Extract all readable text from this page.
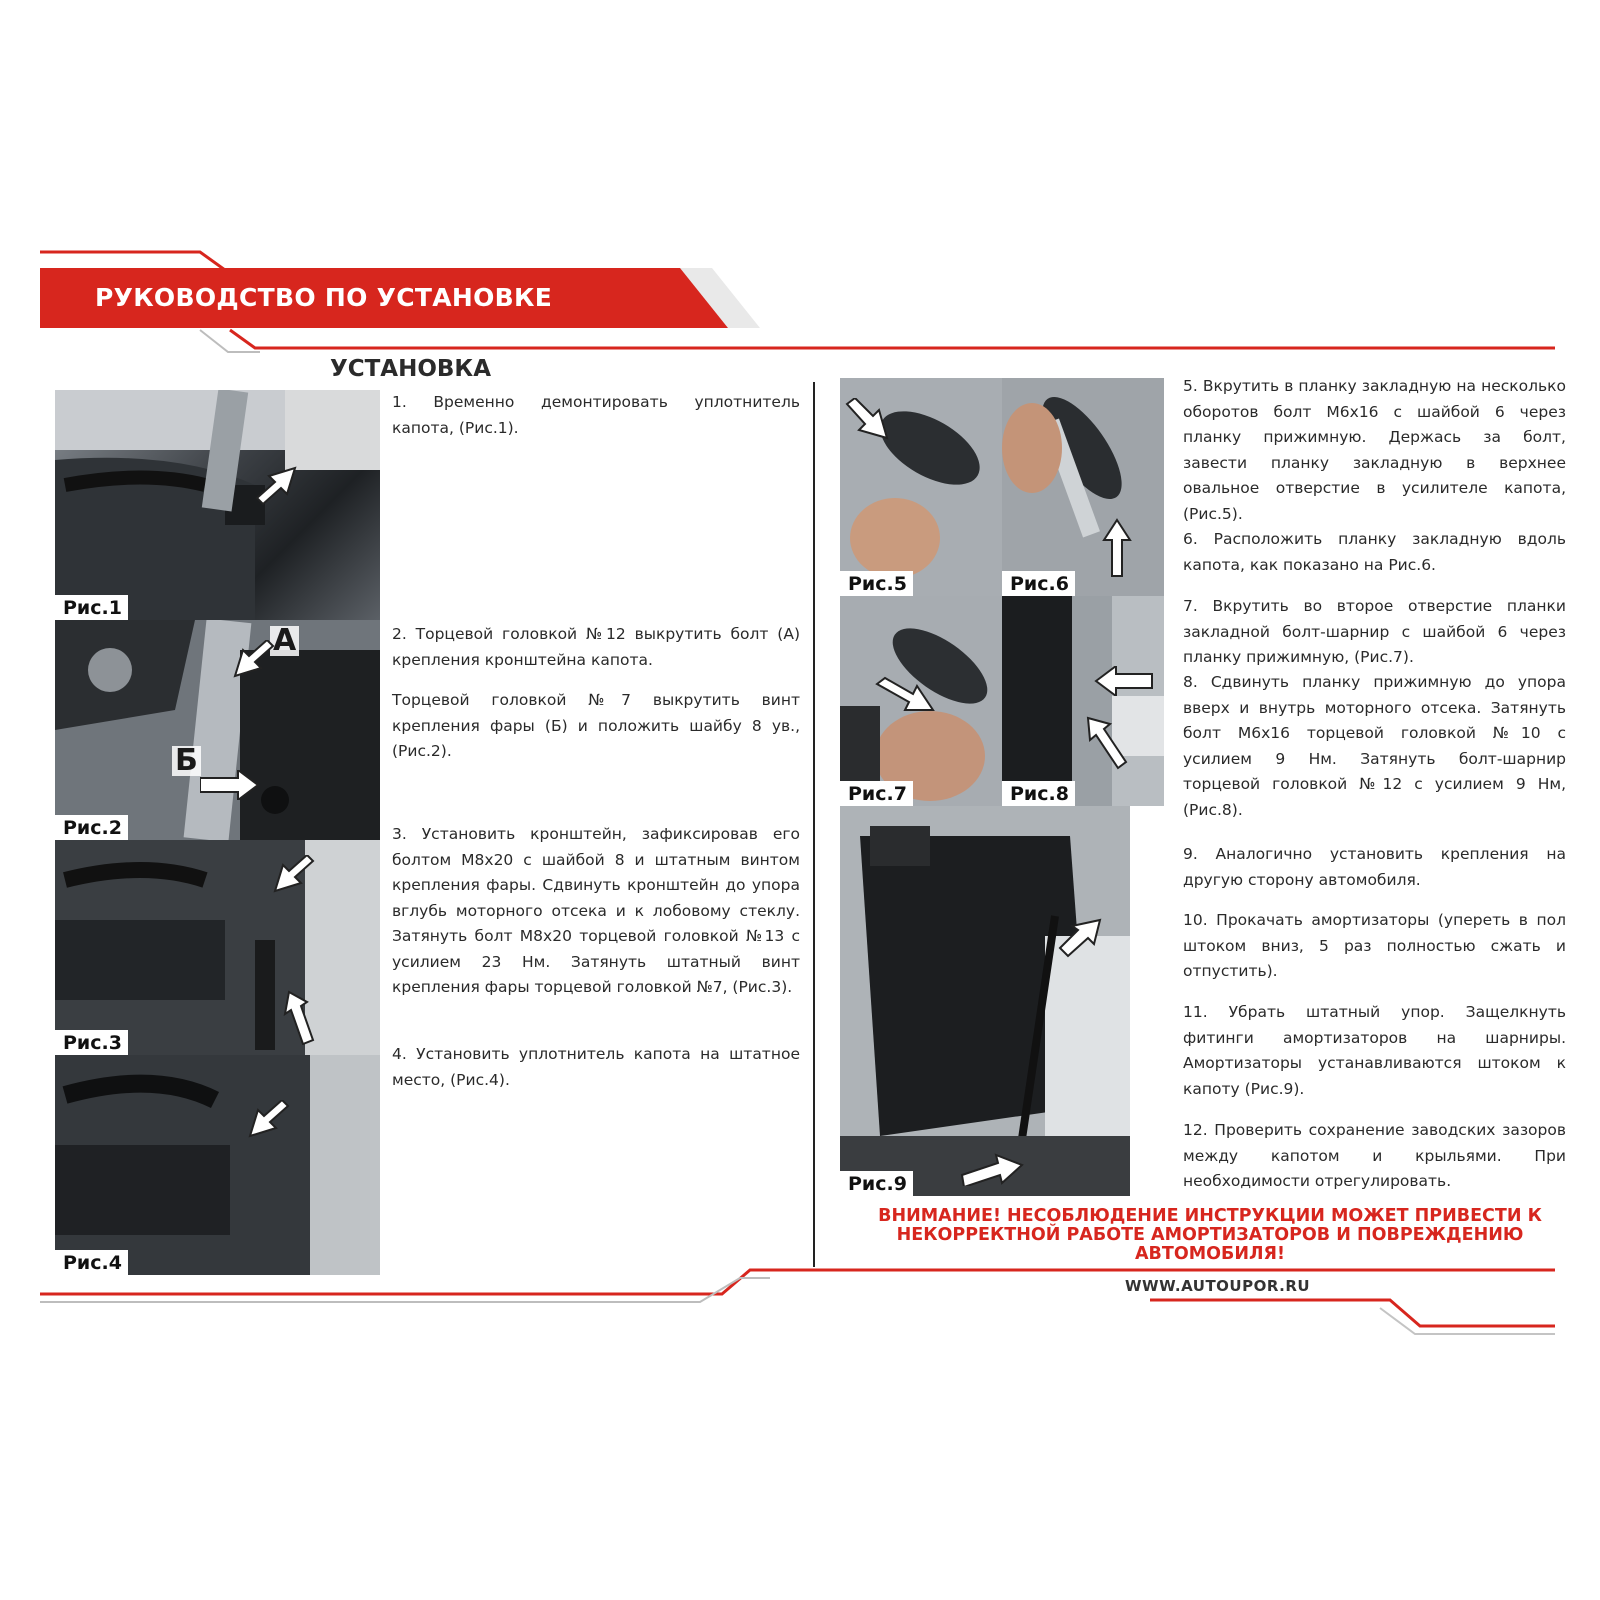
РУКОВОДСТВО ПО УСТАНОВКЕ
УСТАНОВКА
Рис.1
А
Б
Рис.2
Рис.3
Рис.4

1. Временно демонтировать уплотнитель капота, (Рис.1).

2. Торцевой головкой №12 выкрутить болт (А) крепления кронштейна капота.

Торцевой головкой №7 выкрутить винт крепления фары (Б) и положить шайбу 8 ув., (Рис.2).

3. Установить кронштейн, зафиксировав его болтом М8х20 с шайбой 8 и штатным винтом крепления фары. Сдвинуть кронштейн до упора вглубь моторного отсека и к лобовому стеклу. Затянуть болт М8х20 торцевой головкой №13 с усилием 23 Нм. Затянуть штатный винт крепления фары торцевой головкой №7, (Рис.3).

4. Установить уплотнитель капота на штатное место, (Рис.4).

Рис.5	Рис.6
Рис.7	Рис.8
Рис.9

5. Вкрутить в планку закладную на несколько оборотов болт М6х16 с шайбой 6 через планку прижимную. Держась за болт, завести планку закладную в верхнее овальное отверстие в усилителе капота, (Рис.5).

6. Расположить планку закладную вдоль капота, как показано на Рис.6.

7. Вкрутить во второе отверстие планки закладной болт-шарнир с шайбой 6 через планку прижимную, (Рис.7).

8. Сдвинуть планку прижимную до упора вверх и внутрь моторного отсека. Затянуть болт М6х16 торцевой головкой №10 с усилием 9 Нм. Затянуть болт-шарнир торцевой головкой №12 с усилием 9 Нм, (Рис.8).

9. Аналогично установить крепления на другую сторону автомобиля.

10. Прокачать амортизаторы (упереть в пол штоком вниз, 5 раз полностью сжать и отпустить).

11. Убрать штатный упор. Защелкнуть фитинги амортизаторов на шарниры. Амортизаторы устанавливаются штоком к капоту (Рис.9).

12. Проверить сохранение заводских зазоров между капотом и крыльями. При необходимости отрегулировать.

ВНИМАНИЕ! НЕСОБЛЮДЕНИЕ ИНСТРУКЦИИ МОЖЕТ ПРИВЕСТИ К
НЕКОРРЕКТНОЙ РАБОТЕ АМОРТИЗАТОРОВ И ПОВРЕЖДЕНИЮ
АВТОМОБИЛЯ!
WWW.AUTOUPOR.RU
